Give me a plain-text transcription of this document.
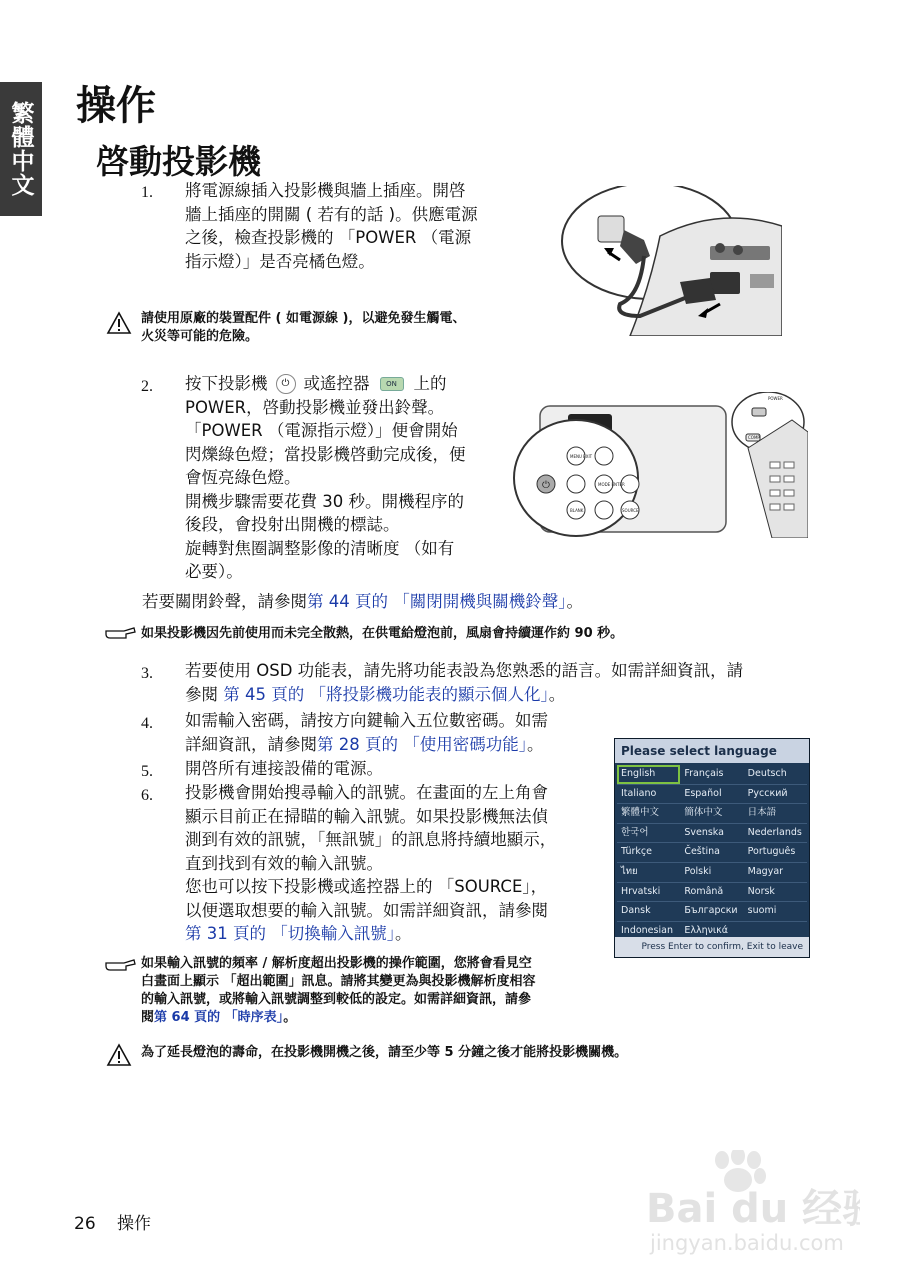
繁體中文 操作
啓動投影機
1. 將電源線插入投影機與牆上插座。開啓
牆上插座的開關 ( 若有的話 )。供應電源
之後，檢查投影機的 「POWER （電源
指示燈）」是否亮橘色燈。
請使用原廠的裝置配件 ( 如電源線 )，以避免發生觸電、
火災等可能的危險。
2. 按下投影機	⏻ 或遙控器	ON	上的
POWER，啓動投影機並發出鈴聲。
「POWER （電源指示燈）」便會開始
閃爍綠色燈；當投影機啓動完成後，便
會恆亮綠色燈。
開機步驟需要花費 30 秒。開機程序的
後段，會投射出開機的標誌。
旋轉對焦圈調整影像的清晰度 （如有
必要）。
若要關閉鈴聲，請參閱第 44 頁的 「關閉開機與關機鈴聲」。
⏻
MENU EXIT
MODE ENTER
BLANK	SOURCE
POWER
COMP
如果投影機因先前使用而未完全散熱，在供電給燈泡前，風扇會持續運作約 90 秒。
3. 若要使用 OSD 功能表，請先將功能表設為您熟悉的語言。如需詳細資訊，請
參閱 第 45 頁的 「將投影機功能表的顯示個人化」。
4. 如需輸入密碼，請按方向鍵輸入五位數密碼。如需
詳細資訊，請參閱第 28 頁的 「使用密碼功能」。
5. 開啓所有連接設備的電源。
6. 投影機會開始搜尋輸入的訊號。在畫面的左上角會
顯示目前正在掃瞄的輸入訊號。如果投影機無法偵
測到有效的訊號，「無訊號」的訊息將持續地顯示，
直到找到有效的輸入訊號。
您也可以按下投影機或遙控器上的 「SOURCE」，
以便選取想要的輸入訊號。如需詳細資訊，請參閱
第 31 頁的 「切換輸入訊號」。
Please select language
English	Français	Deutsch
Italiano	Español	Русский
繁體中文	簡体中文	日本語
한국어	Svenska	Nederlands
Türkçe	Čeština	Português
ไทย	Polski	Magyar
Hrvatski	Română	Norsk
Dansk	Български	suomi
Indonesian	Ελληνικά
Press Enter to confirm, Exit to leave
如果輸入訊號的頻率 / 解析度超出投影機的操作範圍，您將會看見空
白畫面上顯示 「超出範圍」訊息。請將其變更為與投影機解析度相容
的輸入訊號，或將輸入訊號調整到較低的設定。如需詳細資訊，請參
閱第 64 頁的 「時序表」。
為了延長燈泡的壽命，在投影機開機之後，請至少等 5 分鐘之後才能將投影機關機。
26 操作	Bai du 经验
jingyan.baidu.com
